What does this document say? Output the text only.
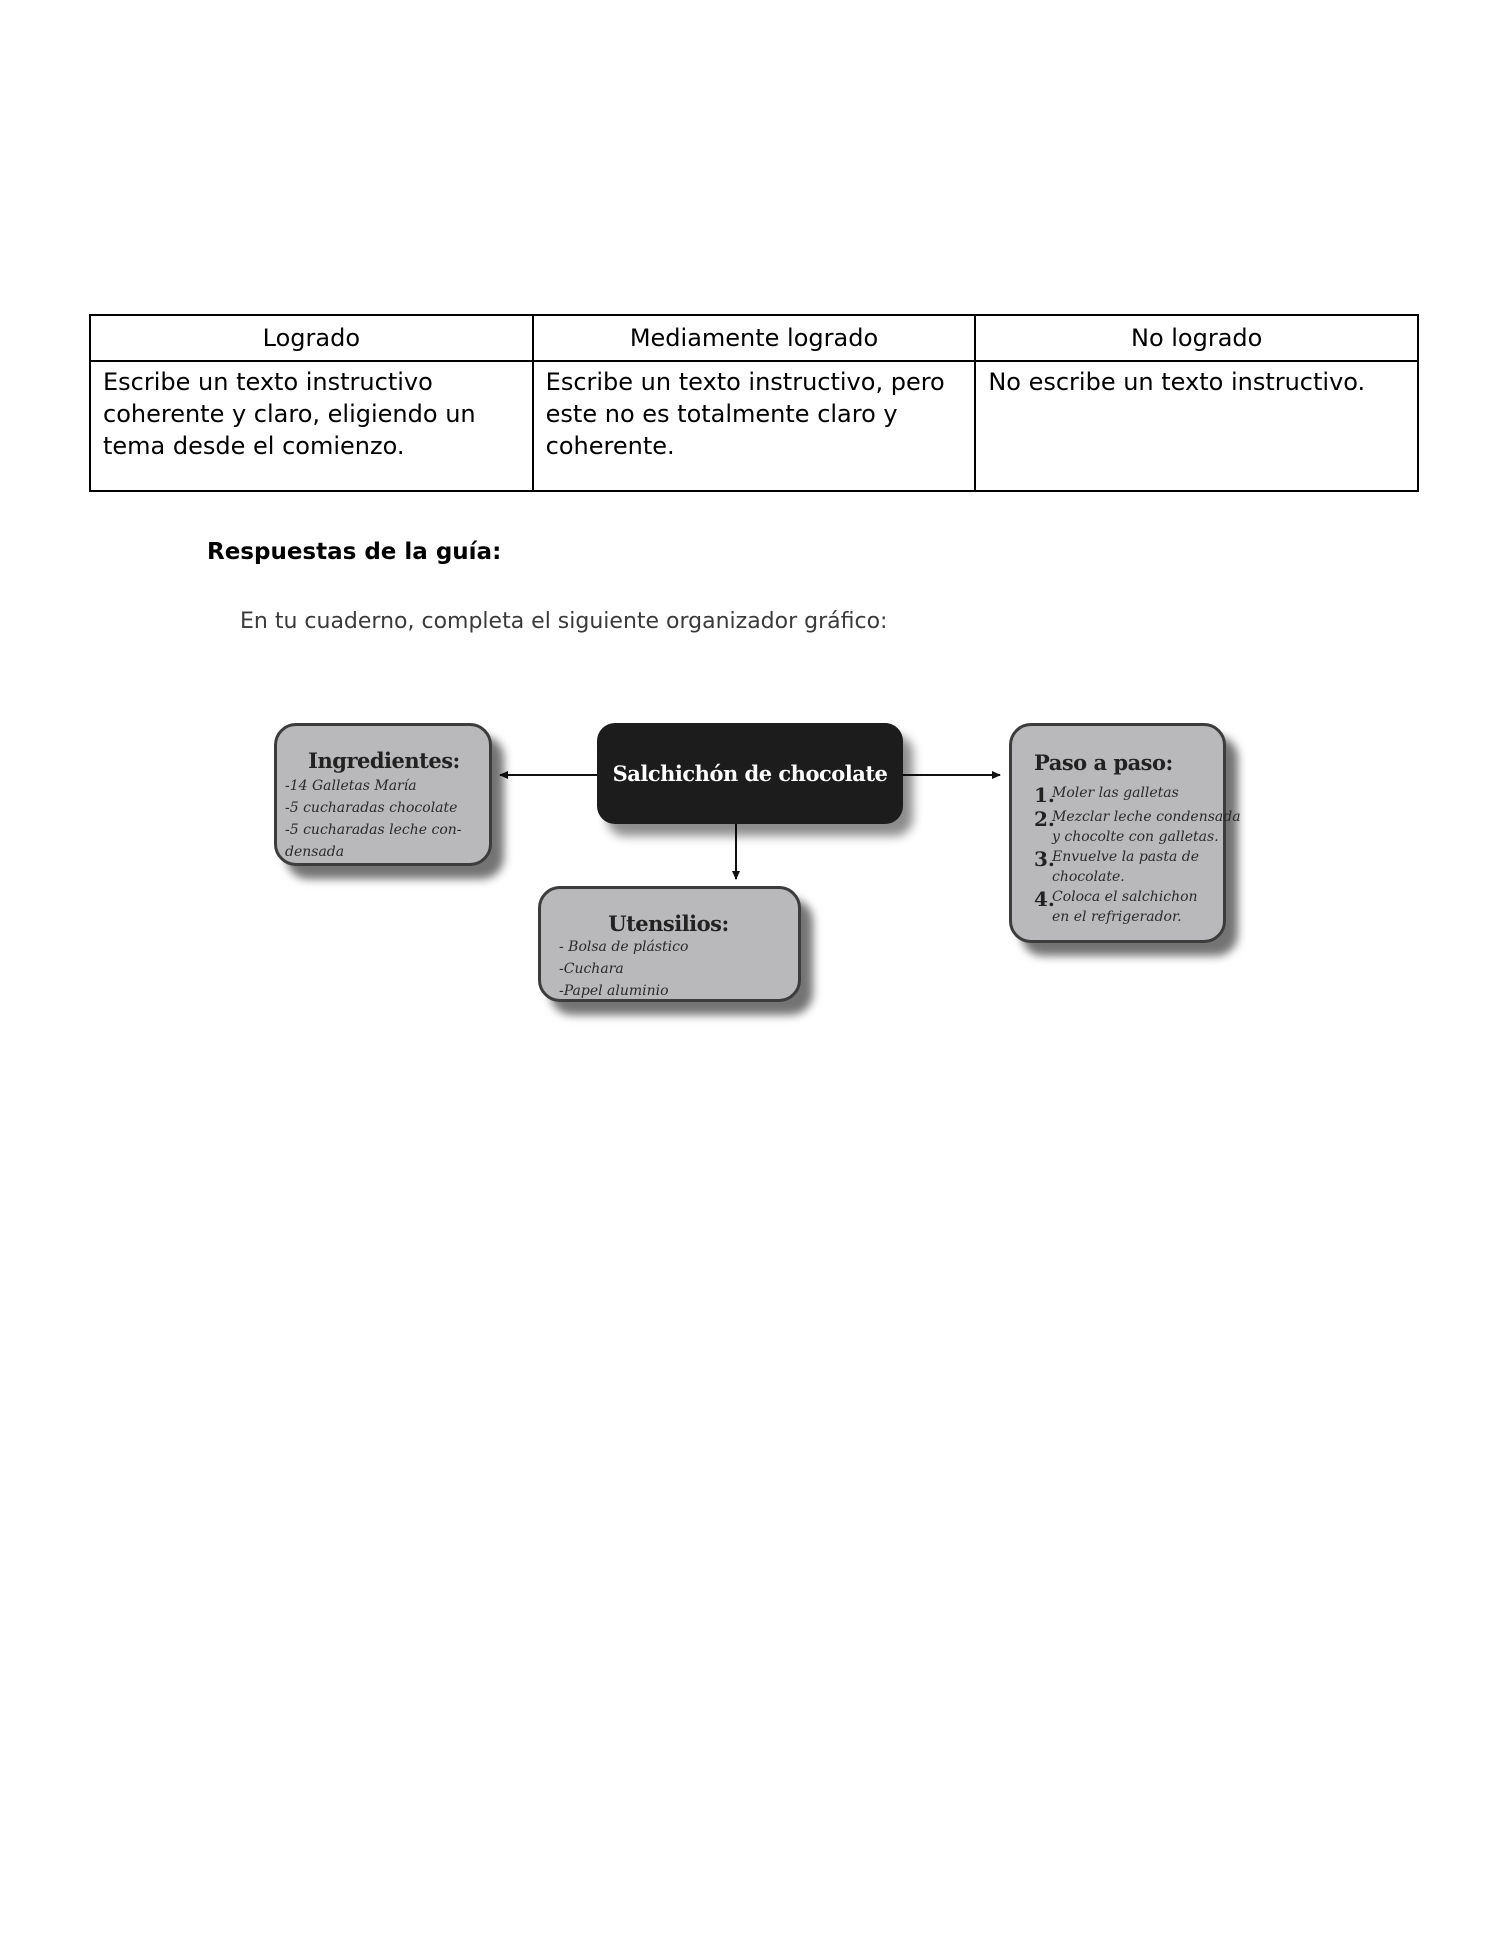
Logrado	Mediamente logrado	No logrado
Escribe un texto instructivo coherente y claro, eligiendo un tema desde el comienzo.	Escribe un texto instructivo, pero este no es totalmente claro y coherente.	No escribe un texto instructivo.

Respuestas de la guía:

En tu cuaderno, completa el siguiente organizador gráfico:

Salchichón de chocolate
Ingredientes:
-14 Galletas María
-5 cucharadas chocolate
-5 cucharadas leche con-
densada
Utensilios:
- Bolsa de plástico
-Cuchara
-Papel aluminio
Paso a paso:
1.
Moler las galletas
2.
Mezclar leche condensada
y chocolte con galletas.
3.
Envuelve la pasta de
chocolate.
4.
Coloca el salchichon
en el refrigerador.
